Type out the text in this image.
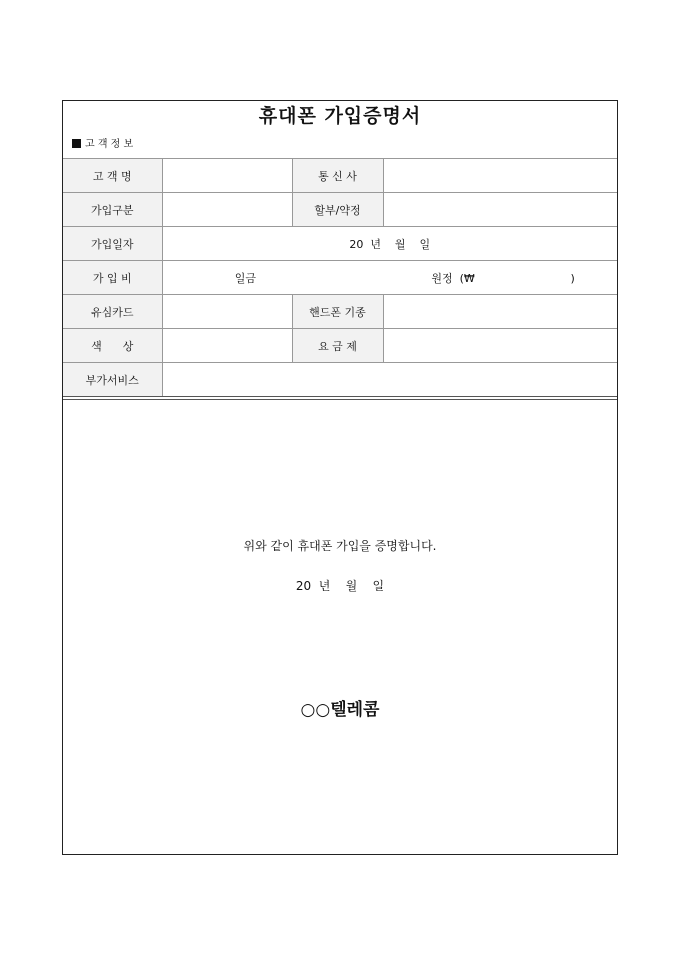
휴대폰 가입증명서
고 객 정 보
고 객 명		통 신 사	
가입구분		할부/약정	
가입일자	20  년    월    일		
가 입 비	일금 원정  (₩ )		
유심카드		핸드폰 기종	
색      상		요 금 제	
부가서비스			
위와 같이 휴대폰 가입을 증명합니다.
20  년    월    일
○○텔레콤
